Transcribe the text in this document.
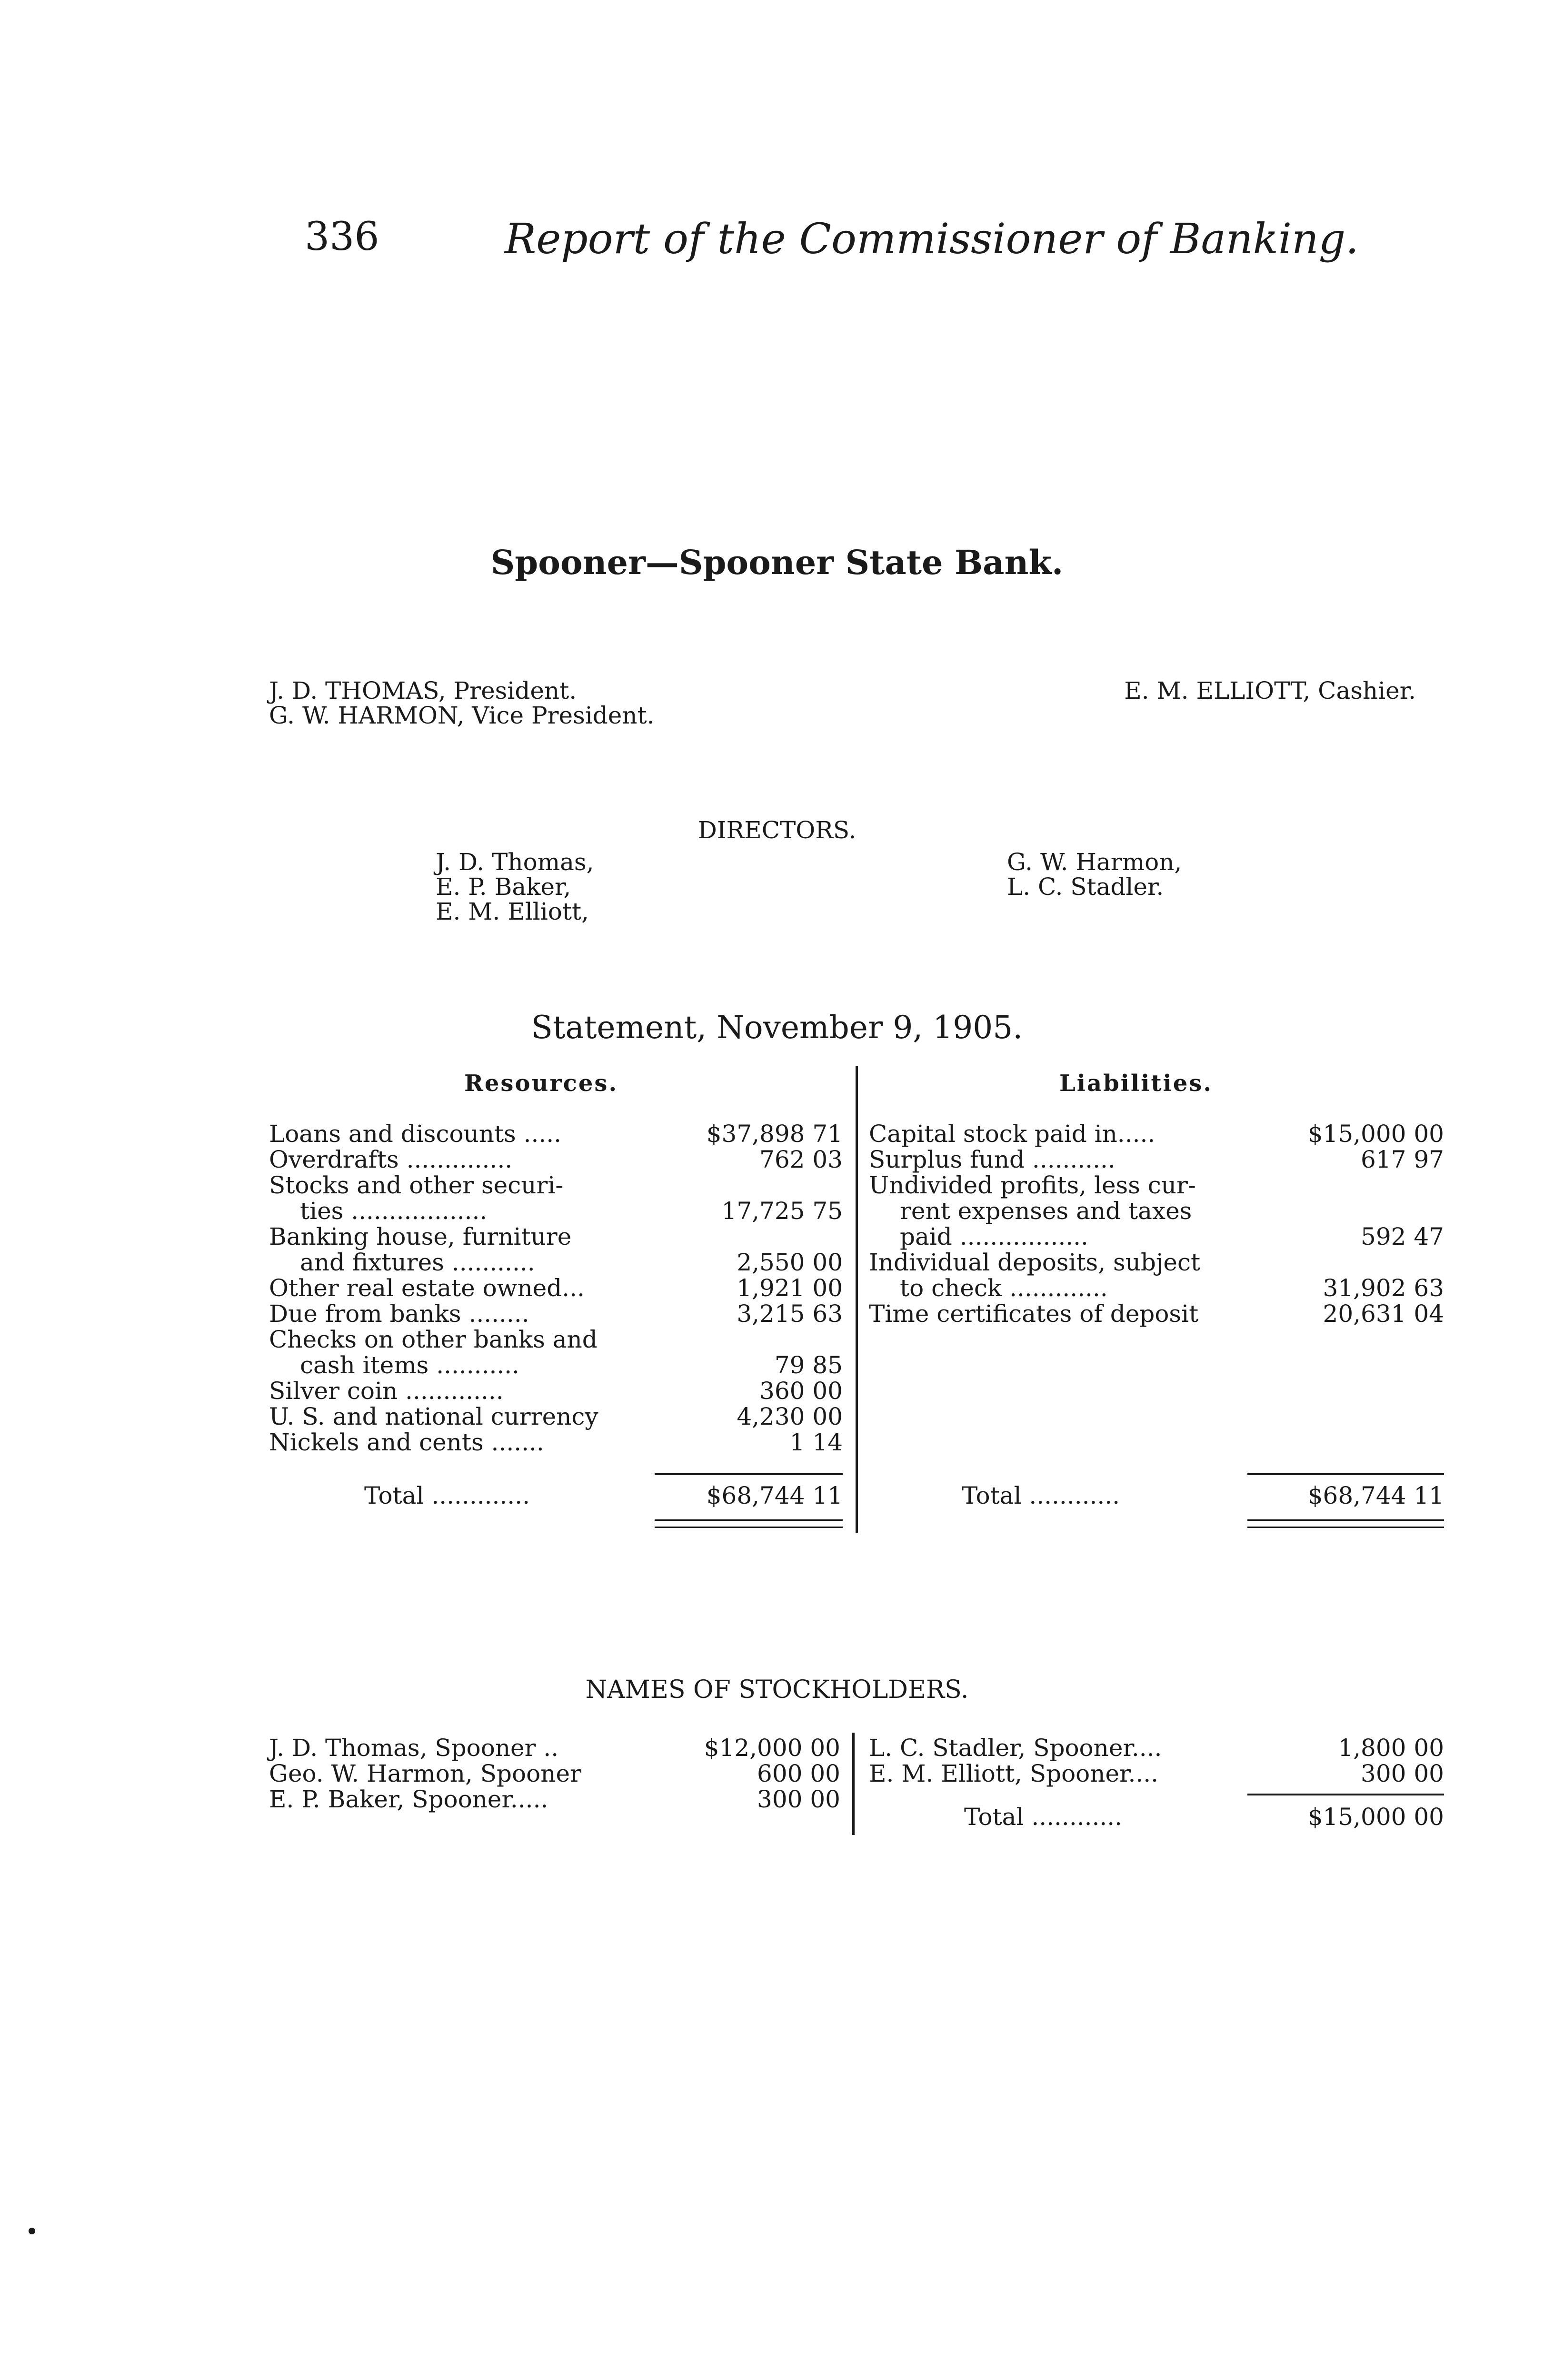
336	Report of the Commissioner of Banking.
Spooner—Spooner State Bank.
J. D. THOMAS, President.
G. W. HARMON, Vice President.
E. M. ELLIOTT, Cashier.
DIRECTORS.
J. D. Thomas,
E. P. Baker,
E. M. Elliott,
G. W. Harmon,
L. C. Stadler.
Statement, November 9, 1905.
Resources.	Liabilities.
Loans and discounts .....	$37,898 71
Overdrafts ..............	762 03
Stocks and other securi-
ties ..................	17,725 75
Banking house, furniture
and fixtures ...........	2,550 00
Other real estate owned...	1,921 00
Due from banks ........	3,215 63
Checks on other banks and
cash items ...........	79 85
Silver coin .............	360 00
U. S. and national currency	4,230 00
Nickels and cents .......	1 14
Capital stock paid in.....	$15,000 00
Surplus fund ...........	617 97
Undivided profits, less cur-
rent expenses and taxes
paid .................	592 47
Individual deposits, subject
to check .............	31,902 63
Time certificates of deposit	20,631 04
Total .............	$68,744 11	Total ............	$68,744 11
NAMES OF STOCKHOLDERS.
J. D. Thomas, Spooner ..	$12,000 00
Geo. W. Harmon, Spooner	600 00
E. P. Baker, Spooner.....	300 00
L. C. Stadler, Spooner....	1,800 00
E. M. Elliott, Spooner....	300 00
Total ............	$15,000 00
